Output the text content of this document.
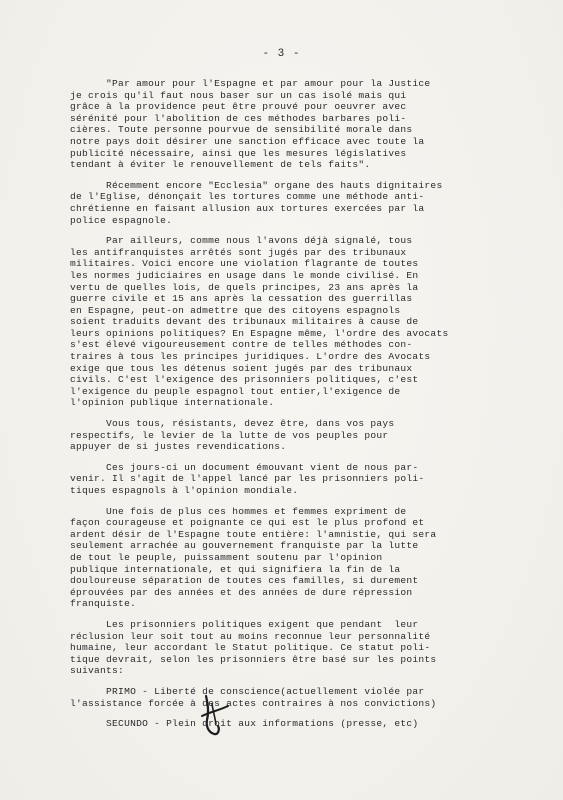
- 3 -
"Par amour pour l'Espagne et par amour pour la Justice
je crois qu'il faut nous baser sur un cas isolé mais qui
grâce à la providence peut être prouvé pour oeuvrer avec
sérénité pour l'abolition de ces méthodes barbares poli-
cières. Toute personne pourvue de sensibilité morale dans
notre pays doit désirer une sanction efficace avec toute la
publicité nécessaire, ainsi que les mesures législatives
tendant à éviter le renouvellement de tels faits".
Récemment encore "Ecclesia" organe des hauts dignitaires
de l'Eglise, dénonçait les tortures comme une méthode anti-
chrétienne en faisant allusion aux tortures exercées par la
police espagnole.
Par ailleurs, comme nous l'avons déjà signalé, tous
les antifranquistes arrêtés sont jugés par des tribunaux
militaires. Voici encore une violation flagrante de toutes
les normes judiciaires en usage dans le monde civilisé. En
vertu de quelles lois, de quels principes, 23 ans après la
guerre civile et 15 ans après la cessation des guerrillas
en Espagne, peut-on admettre que des citoyens espagnols
soient traduits devant des tribunaux militaires à cause de
leurs opinions politiques? En Espagne même, l'ordre des avocats
s'est élevé vigoureusement contre de telles méthodes con-
traires à tous les principes juridiques. L'ordre des Avocats
exige que tous les détenus soient jugés par des tribunaux
civils. C'est l'exigence des prisonniers politiques, c'est
l'exigence du peuple espagnol tout entier,l'exigence de
l'opinion publique internationale.
Vous tous, résistants, devez être, dans vos pays
respectifs, le levier de la lutte de vos peuples pour
appuyer de si justes revendications.
Ces jours-ci un document émouvant vient de nous par-
venir. Il s'agit de l'appel lancé par les prisonniers poli-
tiques espagnols à l'opinion mondiale.
Une fois de plus ces hommes et femmes expriment de
façon courageuse et poignante ce qui est le plus profond et
ardent désir de l'Espagne toute entière: l'amnistie, qui sera
seulement arrachée au gouvernement franquiste par la lutte
de tout le peuple, puissamment soutenu par l'opinion
publique internationale, et qui signifiera la fin de la
douloureuse séparation de toutes ces familles, si durement
éprouvées par des années et des années de dure répression
franquiste.
Les prisonniers politiques exigent que pendant  leur
réclusion leur soit tout au moins reconnue leur personnalité
humaine, leur accordant le Statut politique. Ce statut poli-
tique devrait, selon les prisonniers être basé sur les points
suivants:
PRIMO - Liberté de conscience(actuellement violée par
l'assistance forcée à des actes contraires à nos convictions)
SECUNDO - Plein droit aux informations (presse, etc)
